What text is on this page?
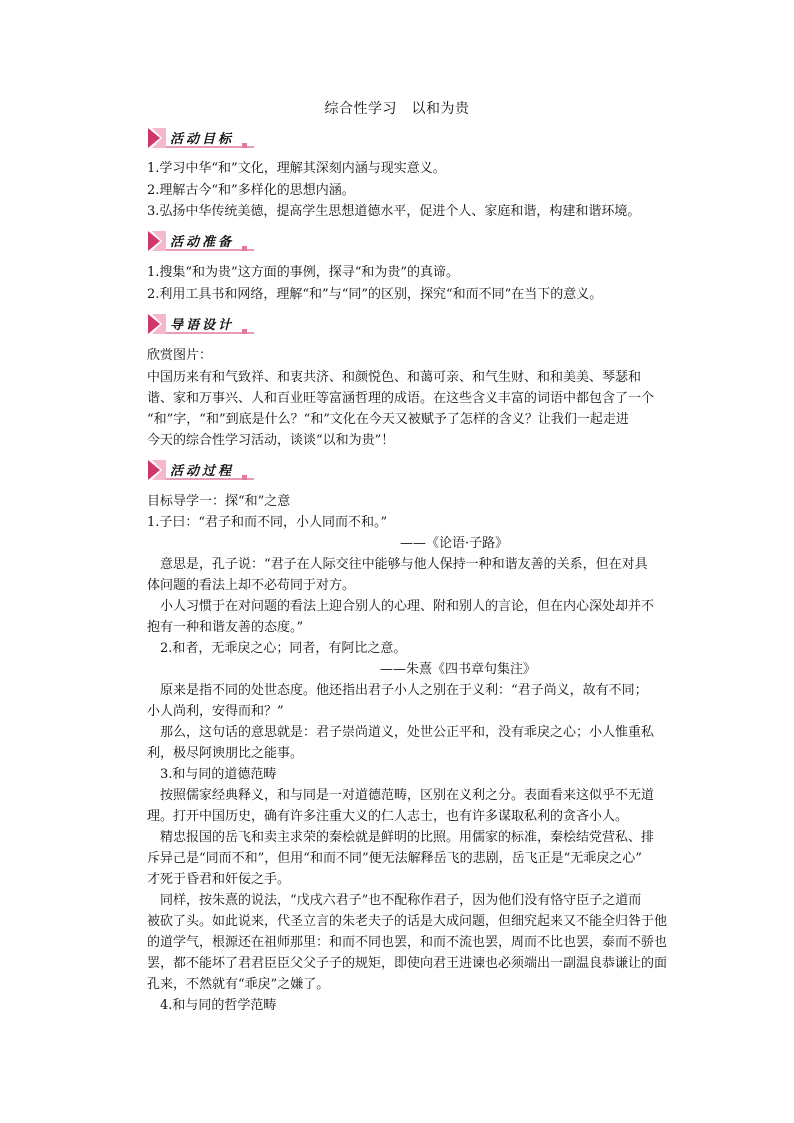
综合性学习　以和为贵
活动目标
1.学习中华“和”文化，理解其深刻内涵与现实意义。
2.理解古今“和”多样化的思想内涵。
3.弘扬中华传统美德，提高学生思想道德水平，促进个人、家庭和谐，构建和谐环境。
活动准备
1.搜集“和为贵”这方面的事例，探寻“和为贵”的真谛。
2.利用工具书和网络，理解“和”与“同”的区别，探究“和而不同”在当下的意义。
导语设计
欣赏图片：
中国历来有和气致祥、和衷共济、和颜悦色、和蔼可亲、和气生财、和和美美、琴瑟和
谐、家和万事兴、人和百业旺等富涵哲理的成语。在这些含义丰富的词语中都包含了一个
“和”字，“和”到底是什么？“和”文化在今天又被赋予了怎样的含义？让我们一起走进
今天的综合性学习活动，谈谈“以和为贵”！
活动过程
目标导学一：探“和”之意
1.子曰：“君子和而不同，小人同而不和。”
——《论语·子路》
意思是，孔子说：“君子在人际交往中能够与他人保持一种和谐友善的关系，但在对具
体问题的看法上却不必苟同于对方。
小人习惯于在对问题的看法上迎合别人的心理、附和别人的言论，但在内心深处却并不
抱有一种和谐友善的态度。”
2.和者，无乖戾之心；同者，有阿比之意。
——朱熹《四书章句集注》
原来是指不同的处世态度。他还指出君子小人之别在于义利：“君子尚义，故有不同；
小人尚利，安得而和？”
那么，这句话的意思就是：君子崇尚道义，处世公正平和，没有乖戾之心；小人惟重私
利，极尽阿谀朋比之能事。
3.和与同的道德范畴
按照儒家经典释义，和与同是一对道德范畴，区别在义利之分。表面看来这似乎不无道
理。打开中国历史，确有许多注重大义的仁人志士，也有许多谋取私利的贪吝小人。
精忠报国的岳飞和卖主求荣的秦桧就是鲜明的比照。用儒家的标准，秦桧结党营私、排
斥异己是“同而不和”，但用“和而不同”便无法解释岳飞的悲剧，岳飞正是“无乖戾之心”
才死于昏君和奸佞之手。
同样，按朱熹的说法，“戊戌六君子”也不配称作君子，因为他们没有恪守臣子之道而
被砍了头。如此说来，代圣立言的朱老夫子的话是大成问题，但细究起来又不能全归咎于他
的道学气，根源还在祖师那里：和而不同也罢，和而不流也罢，周而不比也罢，泰而不骄也
罢，都不能坏了君君臣臣父父子子的规矩，即使向君王进谏也必须端出一副温良恭谦让的面
孔来，不然就有“乖戾”之嫌了。
4.和与同的哲学范畴
